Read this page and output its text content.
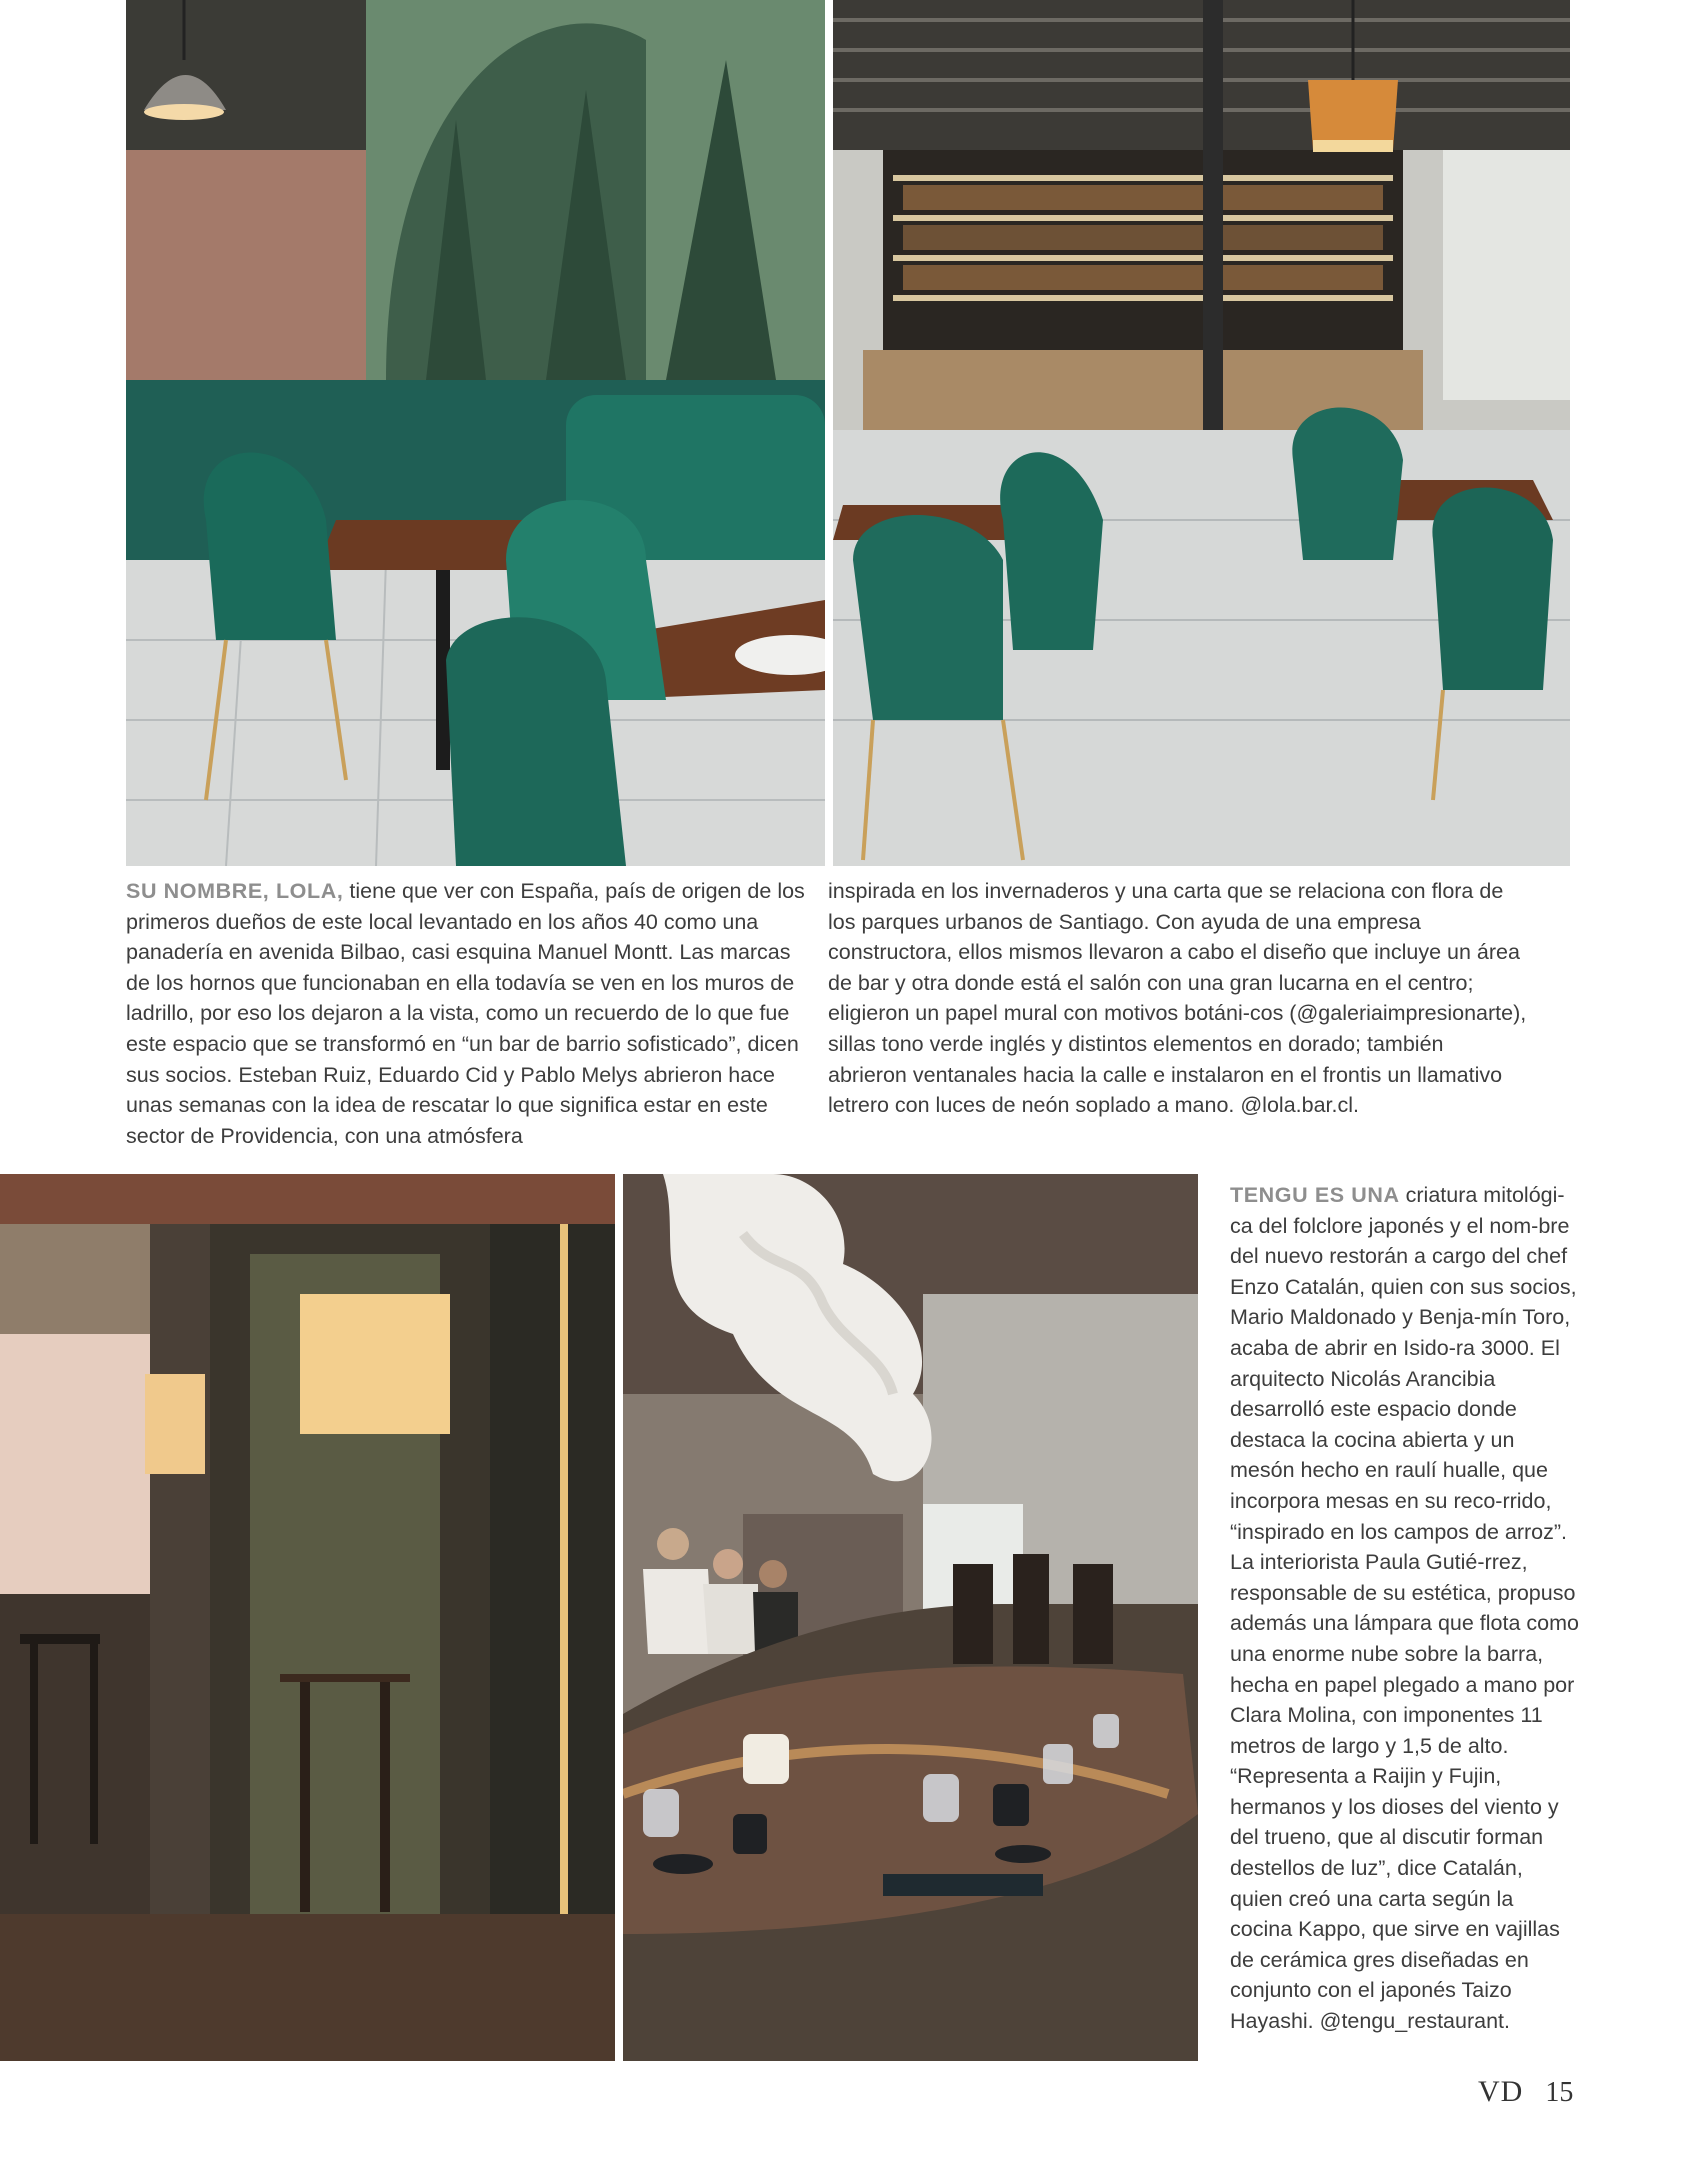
SU NOMBRE, LOLA, tiene que ver con España, país de origen de los primeros dueños de este local levantado en los años 40 como una panadería en avenida Bilbao, casi esquina Manuel Montt. Las marcas de los hornos que funcionaban en ella todavía se ven en los muros de ladrillo, por eso los dejaron a la vista, como un recuerdo de lo que fue este espacio que se transformó en “un bar de barrio sofisticado”, dicen sus socios. Esteban Ruiz, Eduardo Cid y Pablo Melys abrieron hace unas semanas con la idea de rescatar lo que significa estar en este sector de Providencia, con una atmósfera
inspirada en los invernaderos y una carta que se relaciona con flora de los parques urbanos de Santiago. Con ayuda de una empresa constructora, ellos mismos llevaron a cabo el diseño que incluye un área de bar y otra donde está el salón con una gran lucarna en el centro; eligieron un papel mural con motivos botáni-cos (@galeriaimpresionarte), sillas tono verde inglés y distintos elementos en dorado; también abrieron ventanales hacia la calle e instalaron en el frontis un llamativo letrero con luces de neón soplado a mano. @lola.bar.cl.
TENGU ES UNA criatura mitológi-ca del folclore japonés y el nom-bre del nuevo restorán a cargo del chef Enzo Catalán, quien con sus socios, Mario Maldonado y Benja-mín Toro, acaba de abrir en Isido-ra 3000. El arquitecto Nicolás Arancibia desarrolló este espacio donde destaca la cocina abierta y un mesón hecho en raulí hualle, que incorpora mesas en su reco-rrido, “inspirado en los campos de arroz”. La interiorista Paula Gutié-rrez, responsable de su estética, propuso además una lámpara que flota como una enorme nube sobre la barra, hecha en papel plegado a mano por Clara Molina, con imponentes 11 metros de largo y 1,5 de alto. “Representa a Raijin y Fujin, hermanos y los dioses del viento y del trueno, que al discutir forman destellos de luz”, dice Catalán, quien creó una carta según la cocina Kappo, que sirve en vajillas de cerámica gres diseñadas en conjunto con el japonés Taizo Hayashi. @tengu_restaurant.
VD 15
